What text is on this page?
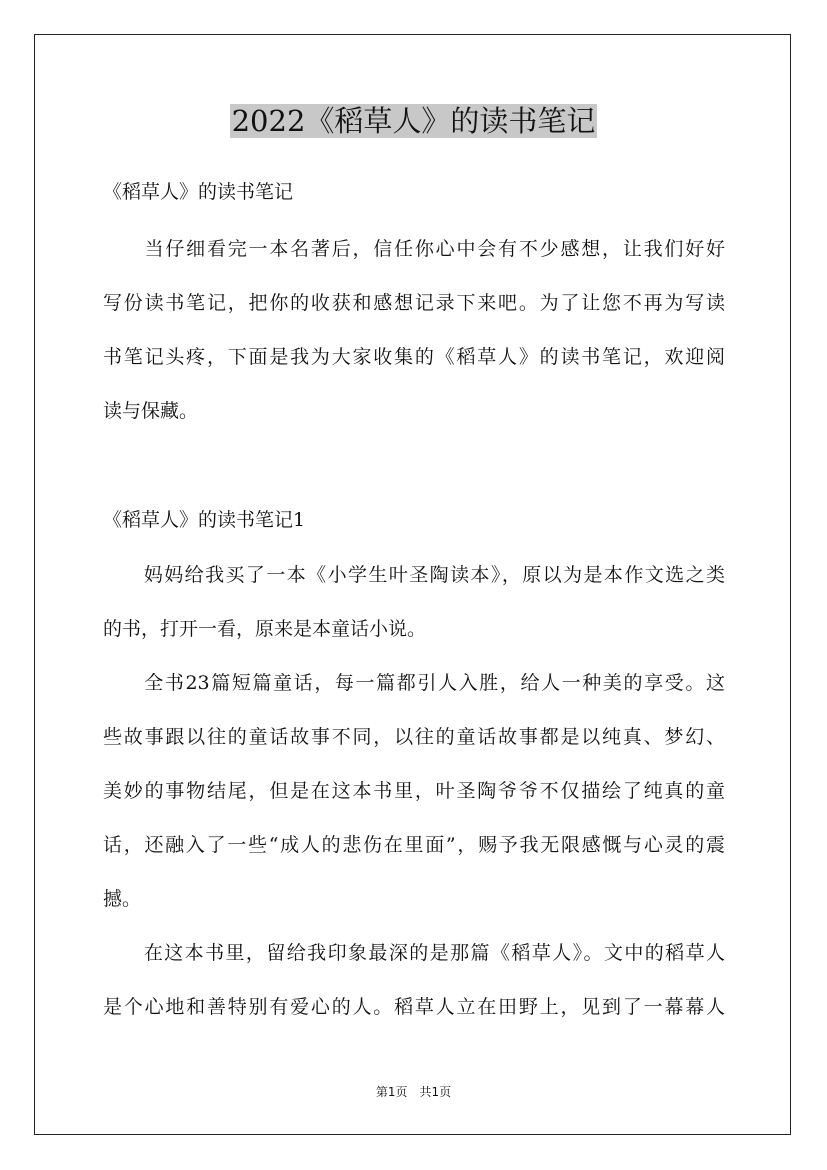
2022《稻草人》的读书笔记

《稻草人》的读书笔记

　　当仔细看完一本名著后，信任你心中会有不少感想，让我们好好

写份读书笔记，把你的收获和感想记录下来吧。为了让您不再为写读

书笔记头疼，下面是我为大家收集的《稻草人》的读书笔记，欢迎阅

读与保藏。

《稻草人》的读书笔记1

　　妈妈给我买了一本《小学生叶圣陶读本》，原以为是本作文选之类

的书，打开一看，原来是本童话小说。

　　全书23篇短篇童话，每一篇都引人入胜，给人一种美的享受。这

些故事跟以往的童话故事不同，以往的童话故事都是以纯真、梦幻、

美妙的事物结尾，但是在这本书里，叶圣陶爷爷不仅描绘了纯真的童

话，还融入了一些“成人的悲伤在里面”，赐予我无限感慨与心灵的震

撼。

　　在这本书里，留给我印象最深的是那篇《稻草人》。文中的稻草人

是个心地和善特别有爱心的人。稻草人立在田野上，见到了一幕幕人

第1页　共1页
